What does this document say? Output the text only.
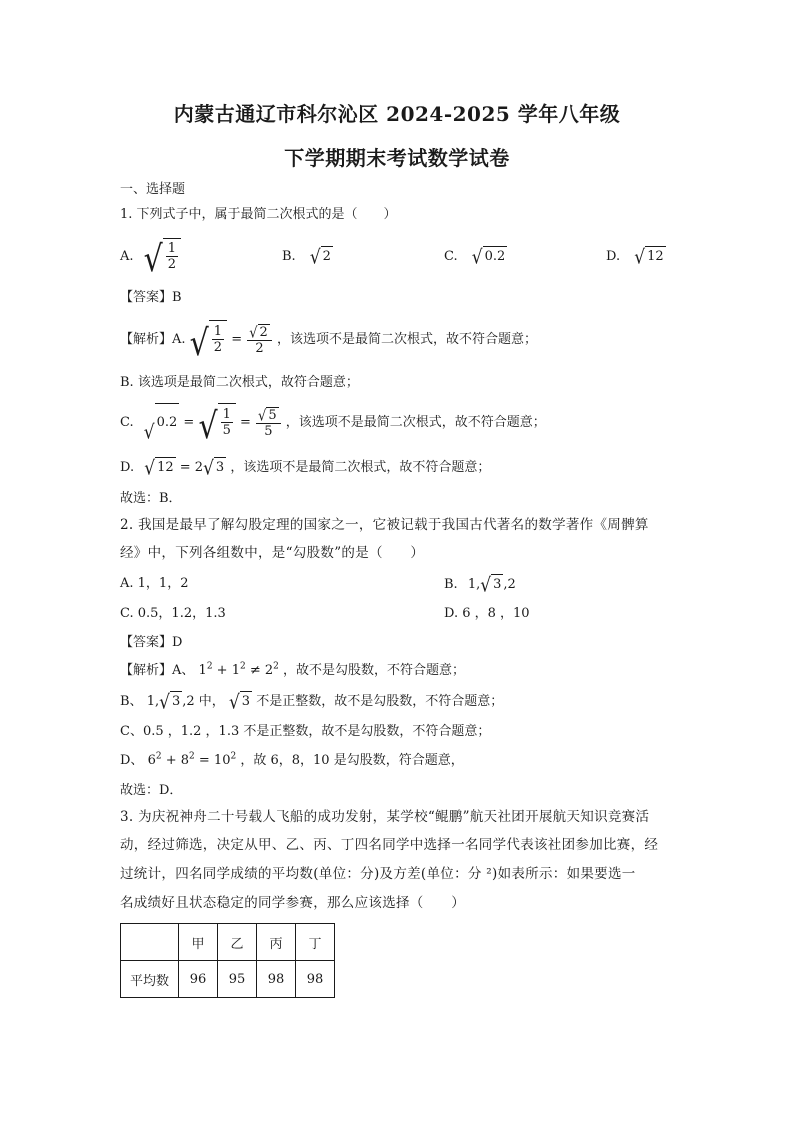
内蒙古通辽市科尔沁区 2024-2025 学年八年级
下学期期末考试数学试卷
一、选择题
1. 下列式子中，属于最简二次根式的是（　　）
A. √ $\frac{1}{2}$	B. √ 2	C. √ 0.2	D. √ 12
【答案】B
【解析】A. √ $\frac{1}{2} = \frac{√ 2}{2}$ ，该选项不是最简二次根式，故不符合题意；
B. 该选项是最简二次根式，故符合题意；
C. √ 0.2 = √ $\frac{1}{5} = \frac{√ 5}{5}$ ，该选项不是最简二次根式，故不符合题意；
D. √ 12 = 2 √ 3 ，该选项不是最简二次根式，故不符合题意；
故选：B．
2. 我国是最早了解勾股定理的国家之一，它被记载于我国古代著名的数学著作《周髀算
经》中，下列各组数中，是“勾股数”的是（　　）
A. 1，1，2	B. 1, √ 3 ,2
C. 0.5，1.2，1.3	D. 6 ，8 ，10
【答案】D
【解析】A、 $1^2 + 1^2 \ne 2^2$ ，故不是勾股数，不符合题意；
B、 1, √ 3 ,2 中， √ 3 不是正整数，故不是勾股数，不符合题意；
C、0.5 ，1.2 ，1.3 不是正整数，故不是勾股数，不符合题意；
D、 $6^2 + 8^2 = 10^2$ ，故 6，8，10 是勾股数，符合题意，
故选：D．
3. 为庆祝神舟二十号载人飞船的成功发射，某学校“鲲鹏”航天社团开展航天知识竞赛活
动，经过筛选，决定从甲、乙、丙、丁四名同学中选择一名同学代表该社团参加比赛，经
过统计，四名同学成绩的平均数(单位：分)及方差(单位：分 ²)如表所示：如果要选一
名成绩好且状态稳定的同学参赛，那么应该选择（　　）
	甲	乙	丙	丁
平均数	96	95	98	98
